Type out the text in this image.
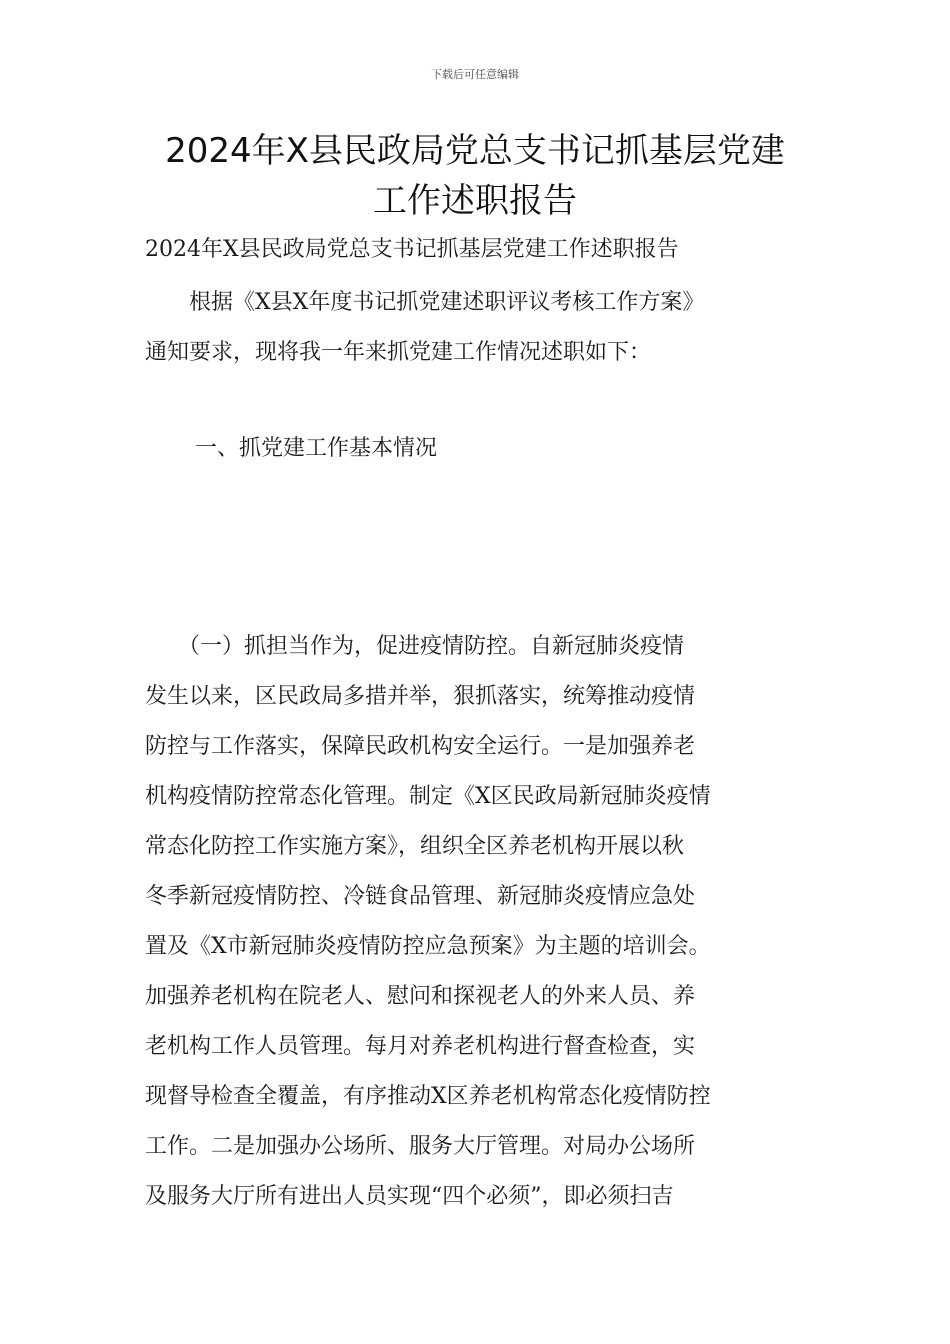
下载后可任意编辑
2024年X县民政局党总支书记抓基层党建
工作述职报告
2024年X县民政局党总支书记抓基层党建工作述职报告
　　根据《X县X年度书记抓党建述职评议考核工作方案》
通知要求，现将我一年来抓党建工作情况述职如下：
一、抓党建工作基本情况
　　（一）抓担当作为，促进疫情防控。自新冠肺炎疫情
发生以来，区民政局多措并举，狠抓落实，统筹推动疫情
防控与工作落实，保障民政机构安全运行。一是加强养老
机构疫情防控常态化管理。制定《X区民政局新冠肺炎疫情
常态化防控工作实施方案》，组织全区养老机构开展以秋
冬季新冠疫情防控、冷链食品管理、新冠肺炎疫情应急处
置及《X市新冠肺炎疫情防控应急预案》为主题的培训会。
加强养老机构在院老人、慰问和探视老人的外来人员、养
老机构工作人员管理。每月对养老机构进行督查检查，实
现督导检查全覆盖，有序推动X区养老机构常态化疫情防控
工作。二是加强办公场所、服务大厅管理。对局办公场所
及服务大厅所有进出人员实现“四个必须”，即必须扫吉
